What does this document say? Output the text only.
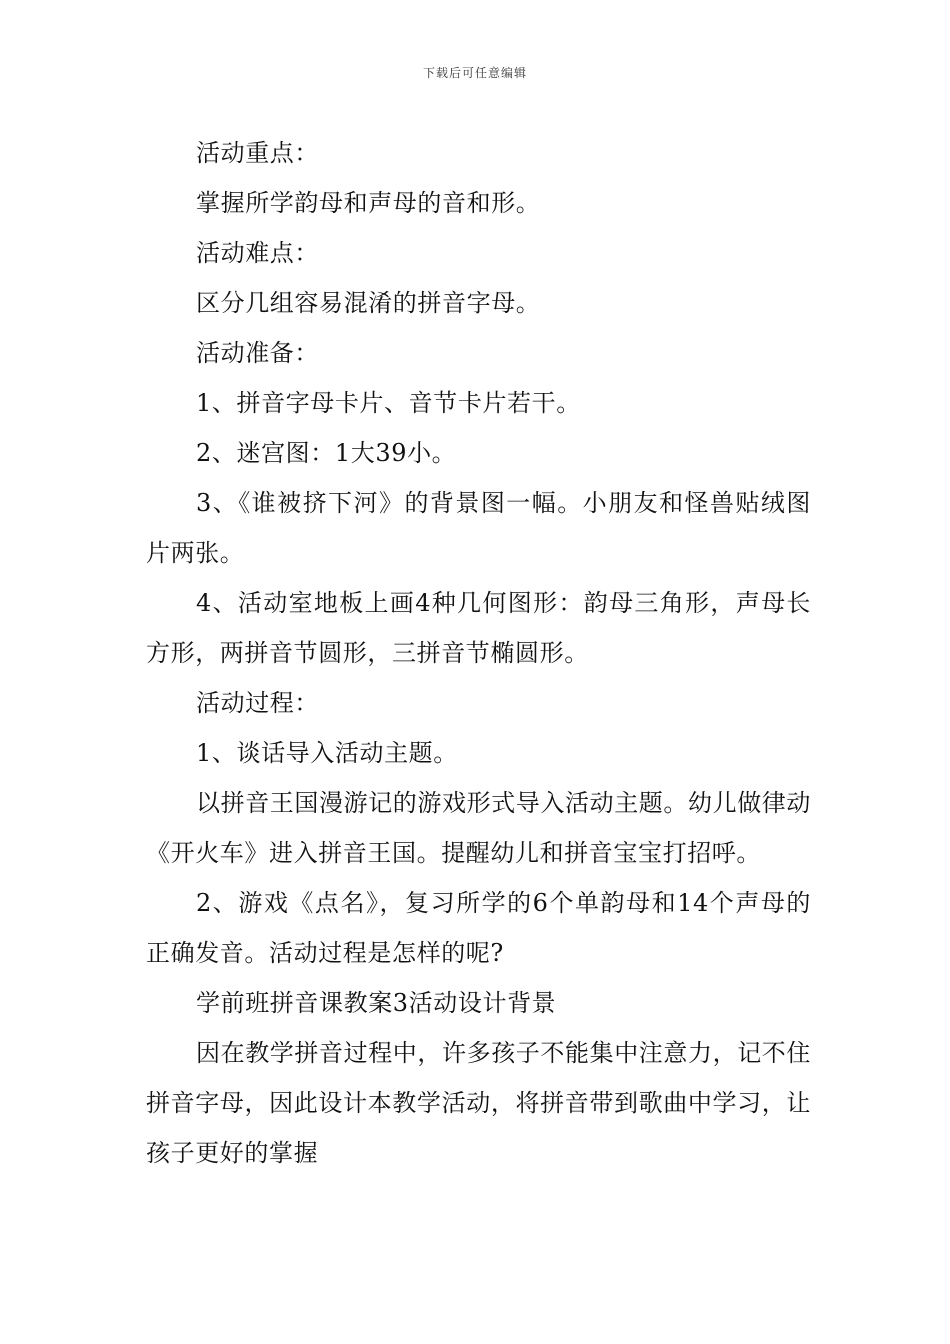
下载后可任意编辑

活动重点：

掌握所学韵母和声母的音和形。

活动难点：

区分几组容易混淆的拼音字母。

活动准备：

1、拼音字母卡片、音节卡片若干。

2、迷宫图：1大39小。

3、《谁被挤下河》的背景图一幅。小朋友和怪兽贴绒图片两张。

4、活动室地板上画4种几何图形：韵母三角形，声母长方形，两拼音节圆形，三拼音节椭圆形。

活动过程：

1、谈话导入活动主题。

以拼音王国漫游记的游戏形式导入活动主题。幼儿做律动《开火车》进入拼音王国。提醒幼儿和拼音宝宝打招呼。

2、游戏《点名》，复习所学的6个单韵母和14个声母的正确发音。活动过程是怎样的呢?

学前班拼音课教案3活动设计背景

因在教学拼音过程中，许多孩子不能集中注意力，记不住拼音字母，因此设计本教学活动，将拼音带到歌曲中学习，让孩子更好的掌握
